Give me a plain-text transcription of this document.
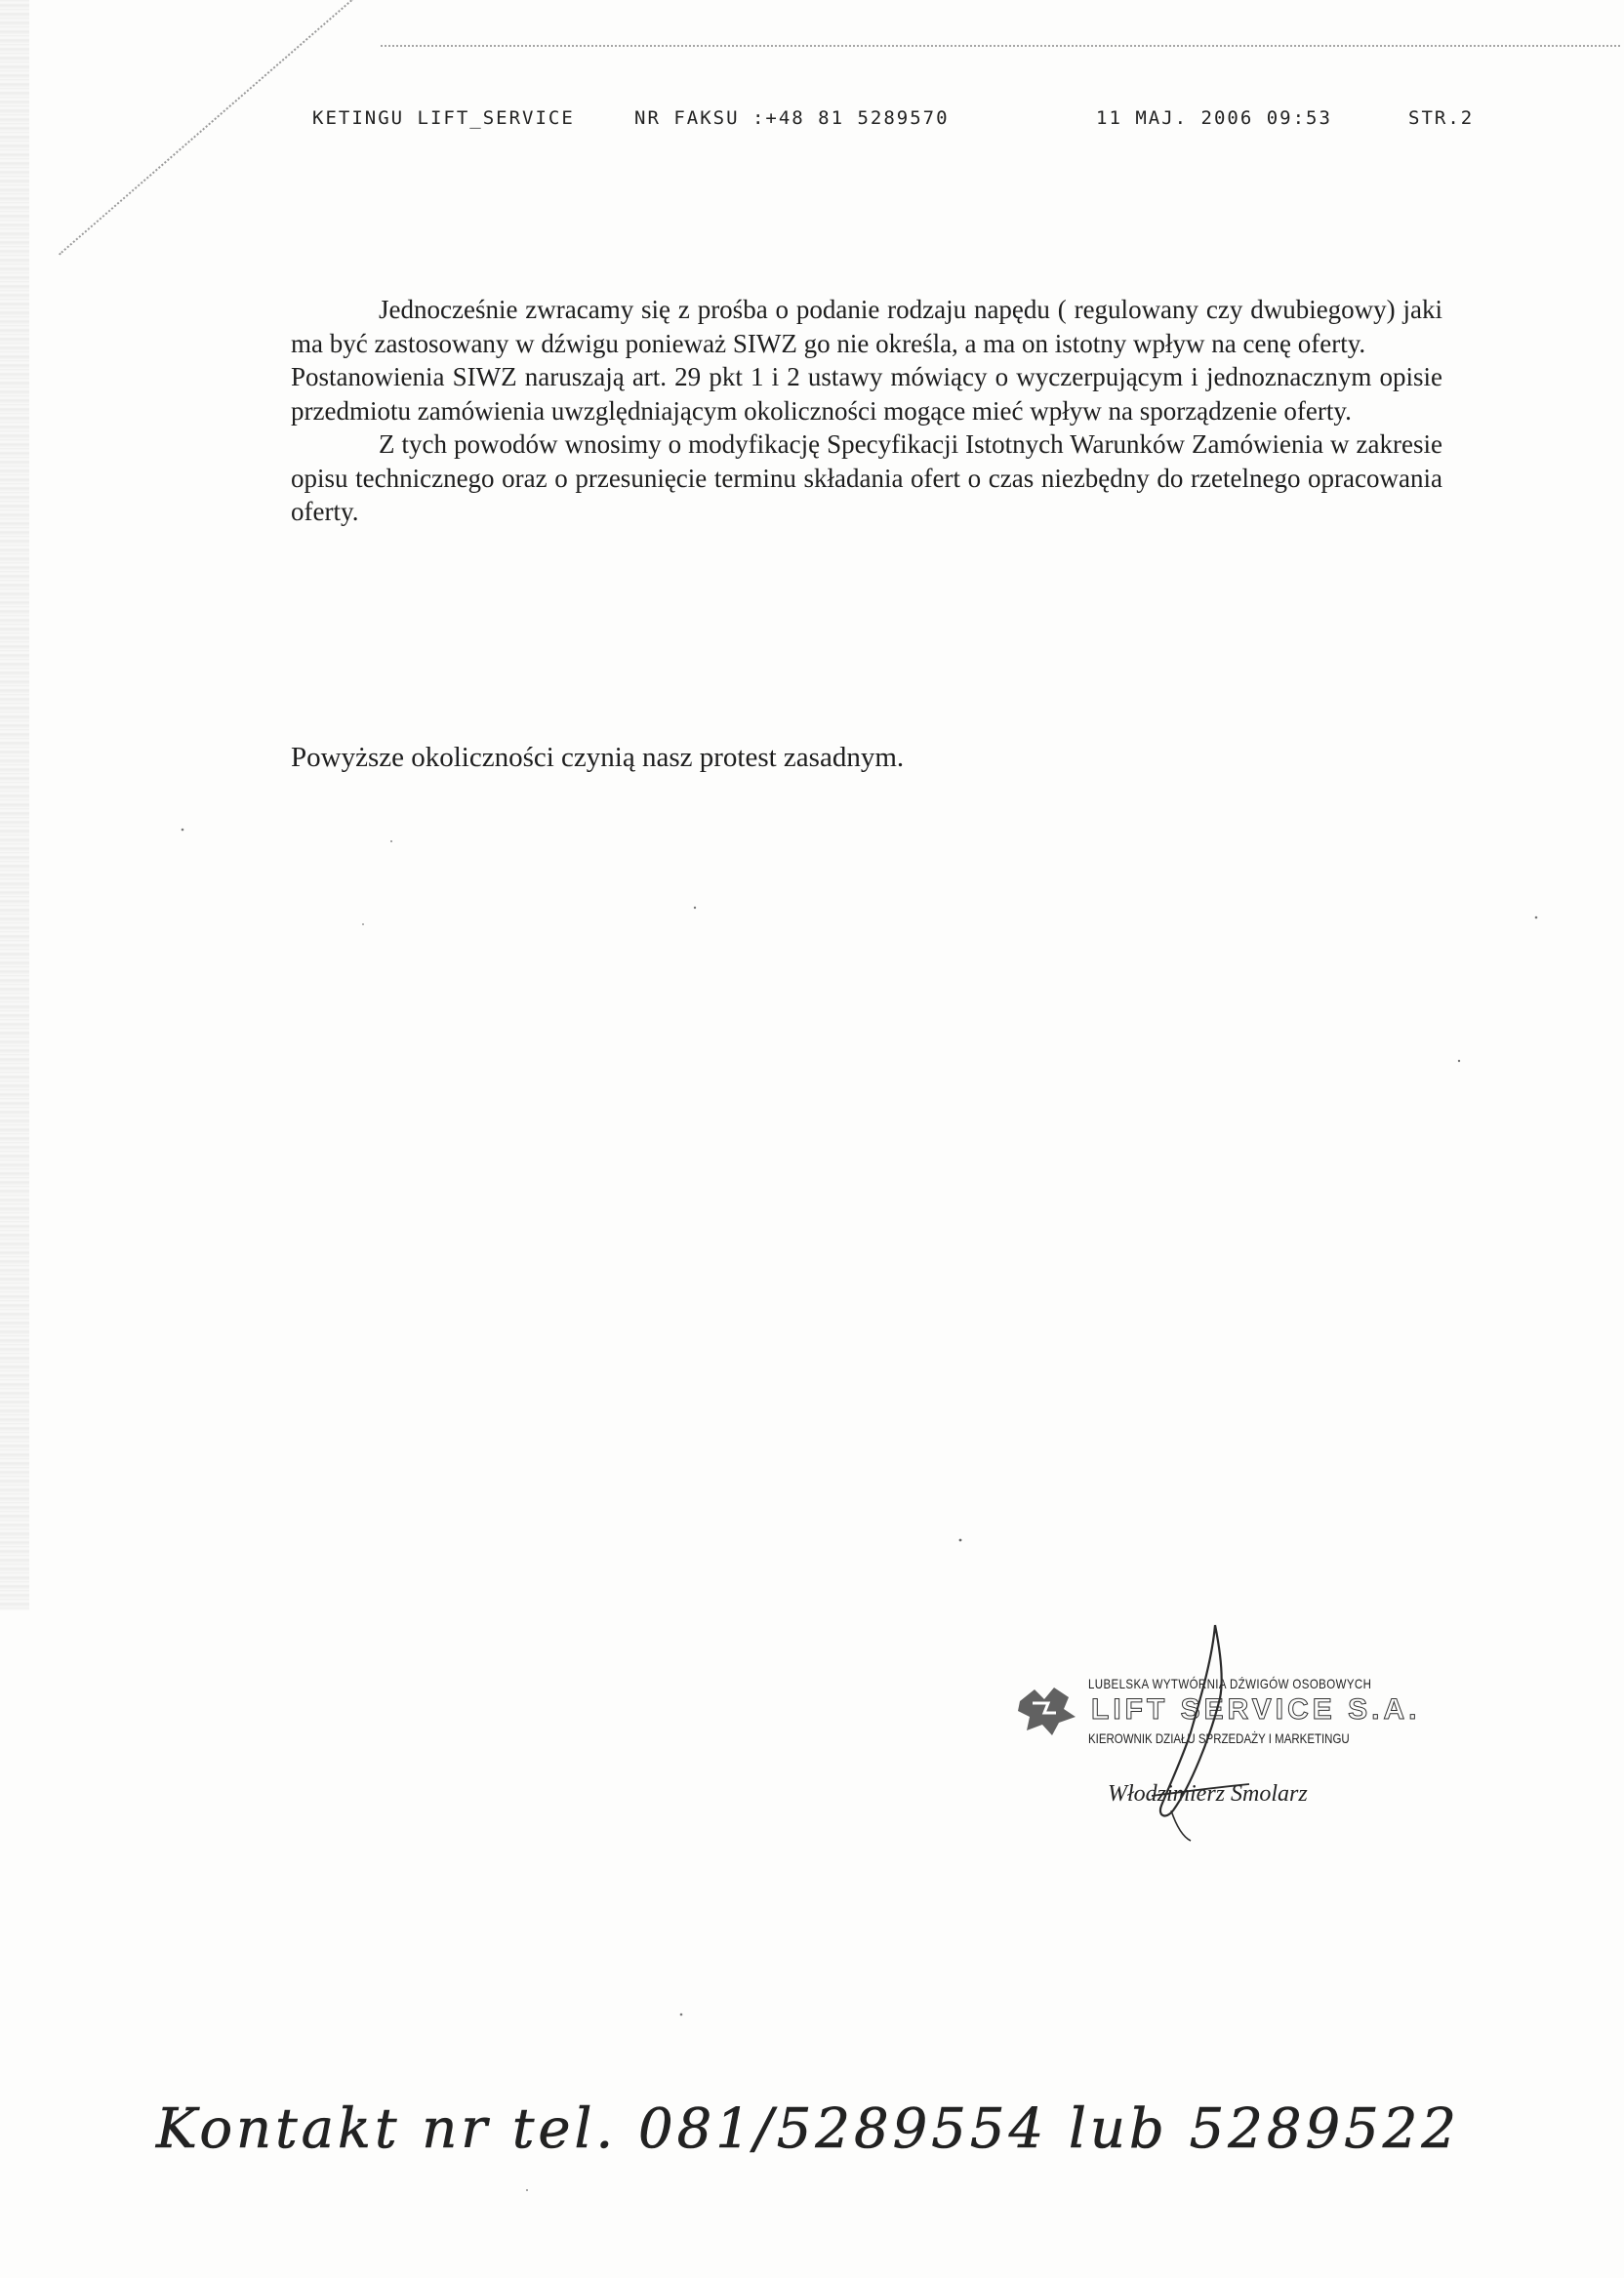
KETINGU LIFT_SERVICE	NR FAKSU :+48 81 5289570	11 MAJ. 2006 09:53	STR.2

Jednocześnie zwracamy się z prośba o podanie rodzaju napędu ( regulowany czy dwubiegowy) jaki ma być zastosowany w dźwigu ponieważ SIWZ go nie określa, a ma on istotny wpływ na cenę oferty.

Postanowienia SIWZ naruszają art. 29 pkt 1 i 2 ustawy mówiący o wyczerpującym i jednoznacznym opisie przedmiotu zamówienia uwzględniającym okoliczności mogące mieć wpływ na sporządzenie oferty.

Z tych powodów wnosimy o modyfikację Specyfikacji Istotnych Warunków Zamówienia w zakresie opisu technicznego oraz o przesunięcie terminu składania ofert o czas niezbędny do rzetelnego opracowania oferty.

Powyższe okoliczności czynią nasz protest zasadnym.
LUBELSKA WYTWÓRNIA DŹWIGÓW OSOBOWYCH
LIFT SERVICE S.A.
KIEROWNIK DZIAŁU SPRZEDAŻY I MARKETINGU
Włodzimierz Smolarz
Kontakt nr tel. 081/5289554 lub 5289522
